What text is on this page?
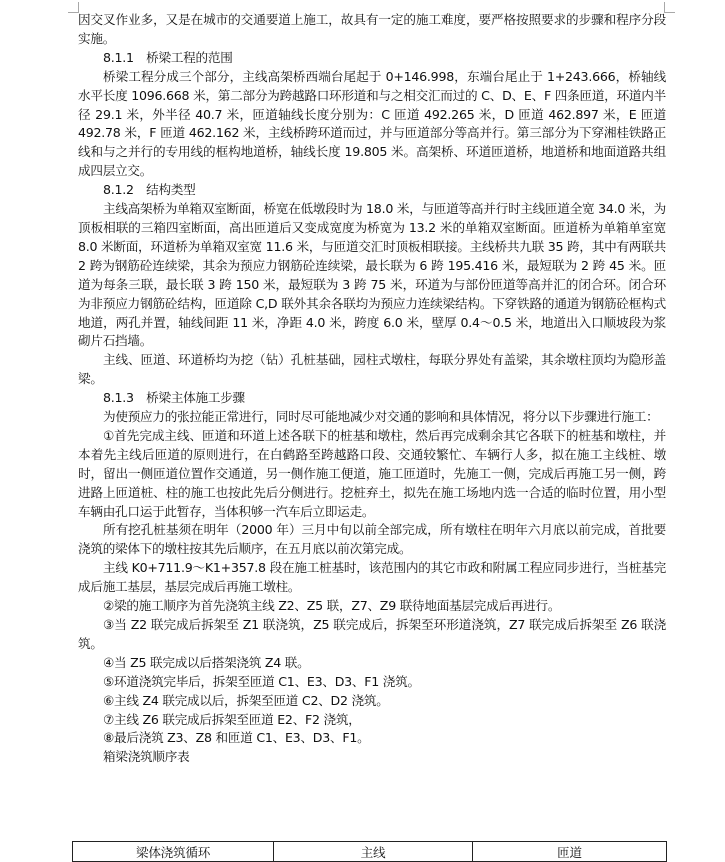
因交叉作业多，又是在城市的交通要道上施工，故具有一定的施工难度，要严格按照要求的步骤和程序分段实施。

8.1.1　桥梁工程的范围

桥梁工程分成三个部分，主线高架桥西端台尾起于 0+146.998，东端台尾止于 1+243.666，桥轴线水平长度 1096.668 米，第二部分为跨越路口环形道和与之相交汇而过的 C、D、E、F 四条匝道，环道内半径 29.1 米，外半径 40.7 米，匝道轴线长度分别为：C 匝道 492.265 米，D 匝道 462.897 米，E 匝道 492.78 米，F 匝道 462.162 米，主线桥跨环道而过，并与匝道部分等高并行。第三部分为下穿湘桂铁路正线和与之并行的专用线的框构地道桥，轴线长度 19.805 米。高架桥、环道匝道桥，地道桥和地面道路共组成四层立交。

8.1.2　结构类型

主线高架桥为单箱双室断面，桥宽在低墩段时为 18.0 米，与匝道等高并行时主线匝道全宽 34.0 米，为顶板相联的三箱四室断面，高出匝道后又变成宽度为桥宽为 13.2 米的单箱双室断面。匝道桥为单箱单室宽 8.0 米断面，环道桥为单箱双室宽 11.6 米，与匝道交汇时顶板相联接。主线桥共九联 35 跨，其中有两联共 2 跨为钢筋砼连续梁，其余为预应力钢筋砼连续梁，最长联为 6 跨 195.416 米，最短联为 2 跨 45 米。匝道为每条三联，最长联 3 跨 150 米，最短联为 3 跨 75 米，环道为与部份匝道等高并汇的闭合环。闭合环为非预应力钢筋砼结构，匝道除 C,D 联外其余各联均为预应力连续梁结构。下穿铁路的通道为钢筋砼框构式地道，两孔并置，轴线间距 11 米，净距 4.0 米，跨度 6.0 米，壁厚 0.4～0.5 米，地道出入口顺坡段为浆砌片石挡墙。

主线、匝道、环道桥均为挖（钻）孔桩基础，园柱式墩柱，每联分界处有盖梁，其余墩柱顶均为隐形盖梁。

8.1.3　桥梁主体施工步骤

为使预应力的张拉能正常进行，同时尽可能地减少对交通的影响和具体情况，将分以下步骤进行施工：

①首先完成主线、匝道和环道上述各联下的桩基和墩柱，然后再完成剩余其它各联下的桩基和墩柱，并本着先主线后匝道的原则进行，在白鹤路至跨越路口段、交通较繁忙、车辆行人多，拟在施工主线桩、墩时，留出一侧匝道位置作交通道，另一侧作施工便道，施工匝道时，先施工一侧，完成后再施工另一侧，跨进路上匝道桩、柱的施工也按此先后分侧进行。挖桩弃土，拟先在施工场地内选一合适的临时位置，用小型车辆由孔口运于此暂存，当体积够一汽车后立即运走。

所有挖孔桩基须在明年（2000 年）三月中旬以前全部完成，所有墩柱在明年六月底以前完成，首批要浇筑的梁体下的墩柱按其先后顺序，在五月底以前次第完成。

主线 K0+711.9～K1+357.8 段在施工桩基时，该范围内的其它市政和附属工程应同步进行，当桩基完成后施工基层，基层完成后再施工墩柱。

②梁的施工顺序为首先浇筑主线 Z2、Z5 联，Z7、Z9 联待地面基层完成后再进行。

③当 Z2 联完成后拆架至 Z1 联浇筑，Z5 联完成后，拆架至环形道浇筑，Z7 联完成后拆架至 Z6 联浇筑。

④当 Z5 联完成以后搭架浇筑 Z4 联。

⑤环道浇筑完毕后，拆架至匝道 C1、E3、D3、F1 浇筑。

⑥主线 Z4 联完成以后，拆架至匝道 C2、D2 浇筑。

⑦主线 Z6 联完成后拆架至匝道 E2、F2 浇筑，

⑧最后浇筑 Z3、Z8 和匝道 C1、E3、D3、F1。

箱梁浇筑顺序表

梁体浇筑循环	主线	匝道
